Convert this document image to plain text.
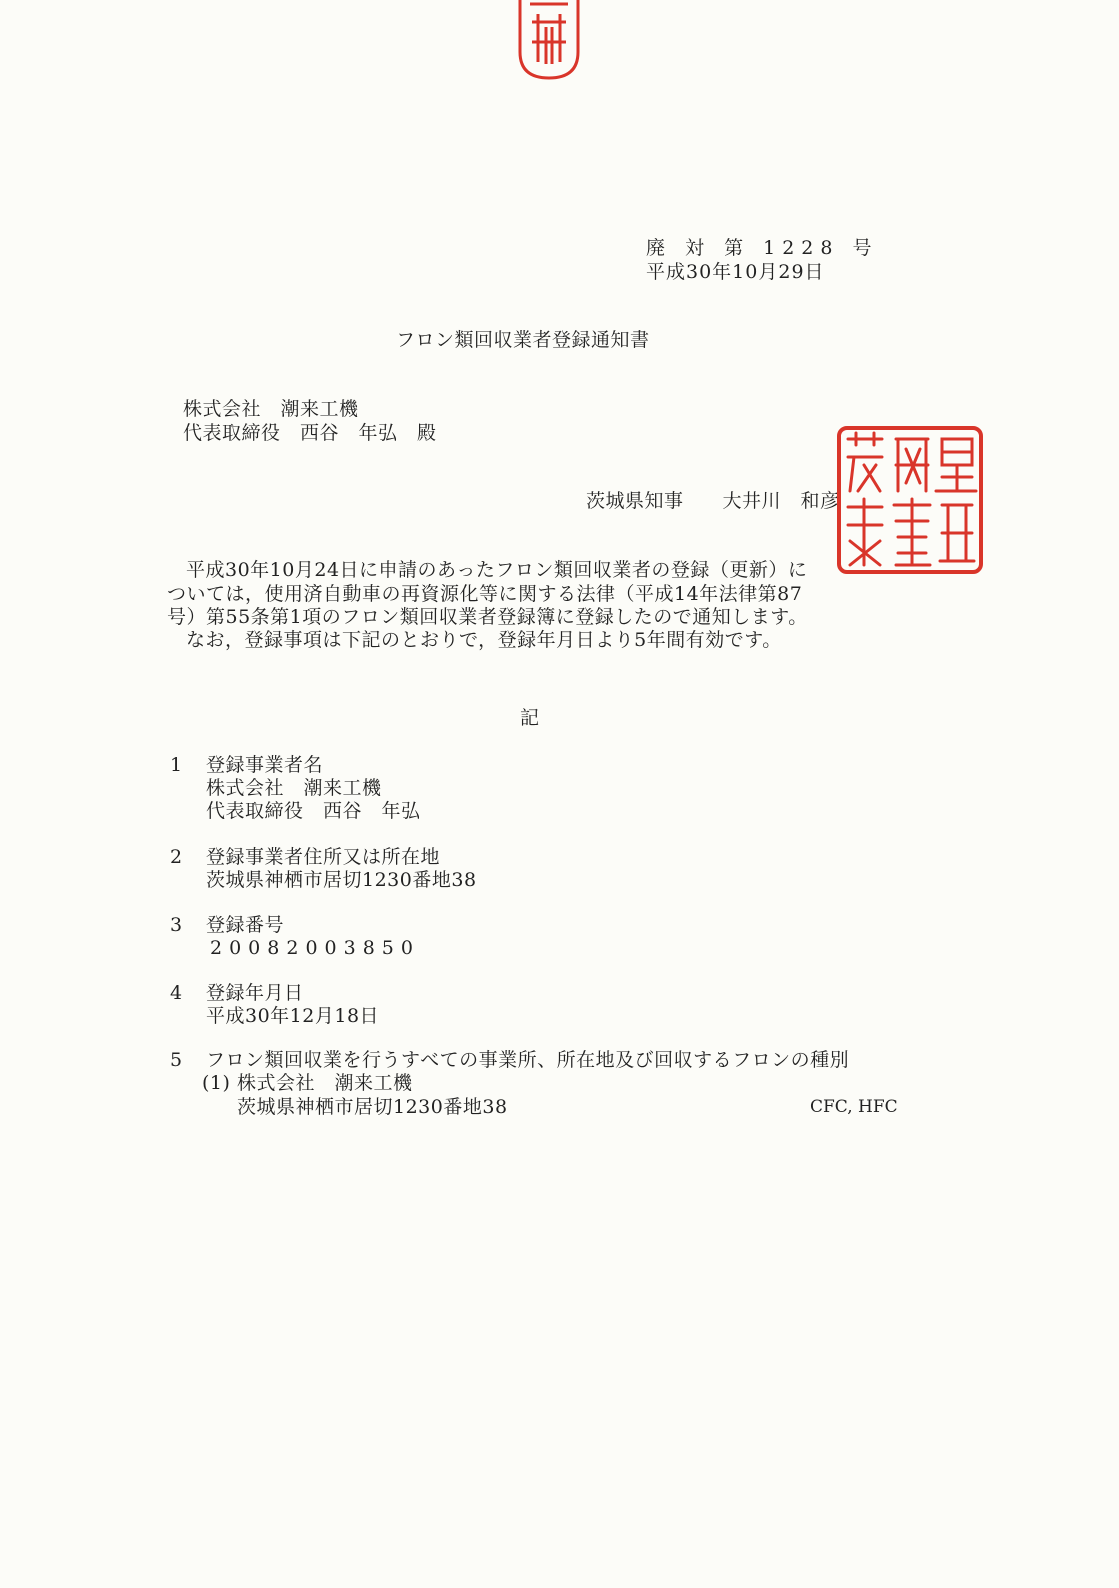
廃 対 第 1228 号
平成30年10月29日
フロン類回収業者登録通知書
株式会社　潮来工機
代表取締役　西谷　年弘　殿
茨城県知事　　大井川　和彦
平成30年10月24日に申請のあったフロン類回収業者の登録（更新）に
ついては，使用済自動車の再資源化等に関する法律（平成14年法律第87
号）第55条第1項のフロン類回収業者登録簿に登録したので通知します。
なお，登録事項は下記のとおりで，登録年月日より5年間有効です。
記
1 登録事業者名
株式会社　潮来工機
代表取締役　西谷　年弘
2 登録事業者住所又は所在地
茨城県神栖市居切1230番地38
3 登録番号
20082003850
4 登録年月日
平成30年12月18日
5 フロン類回収業を行うすべての事業所、所在地及び回収するフロンの種別
(1) 株式会社　潮来工機
茨城県神栖市居切1230番地38	CFC, HFC
